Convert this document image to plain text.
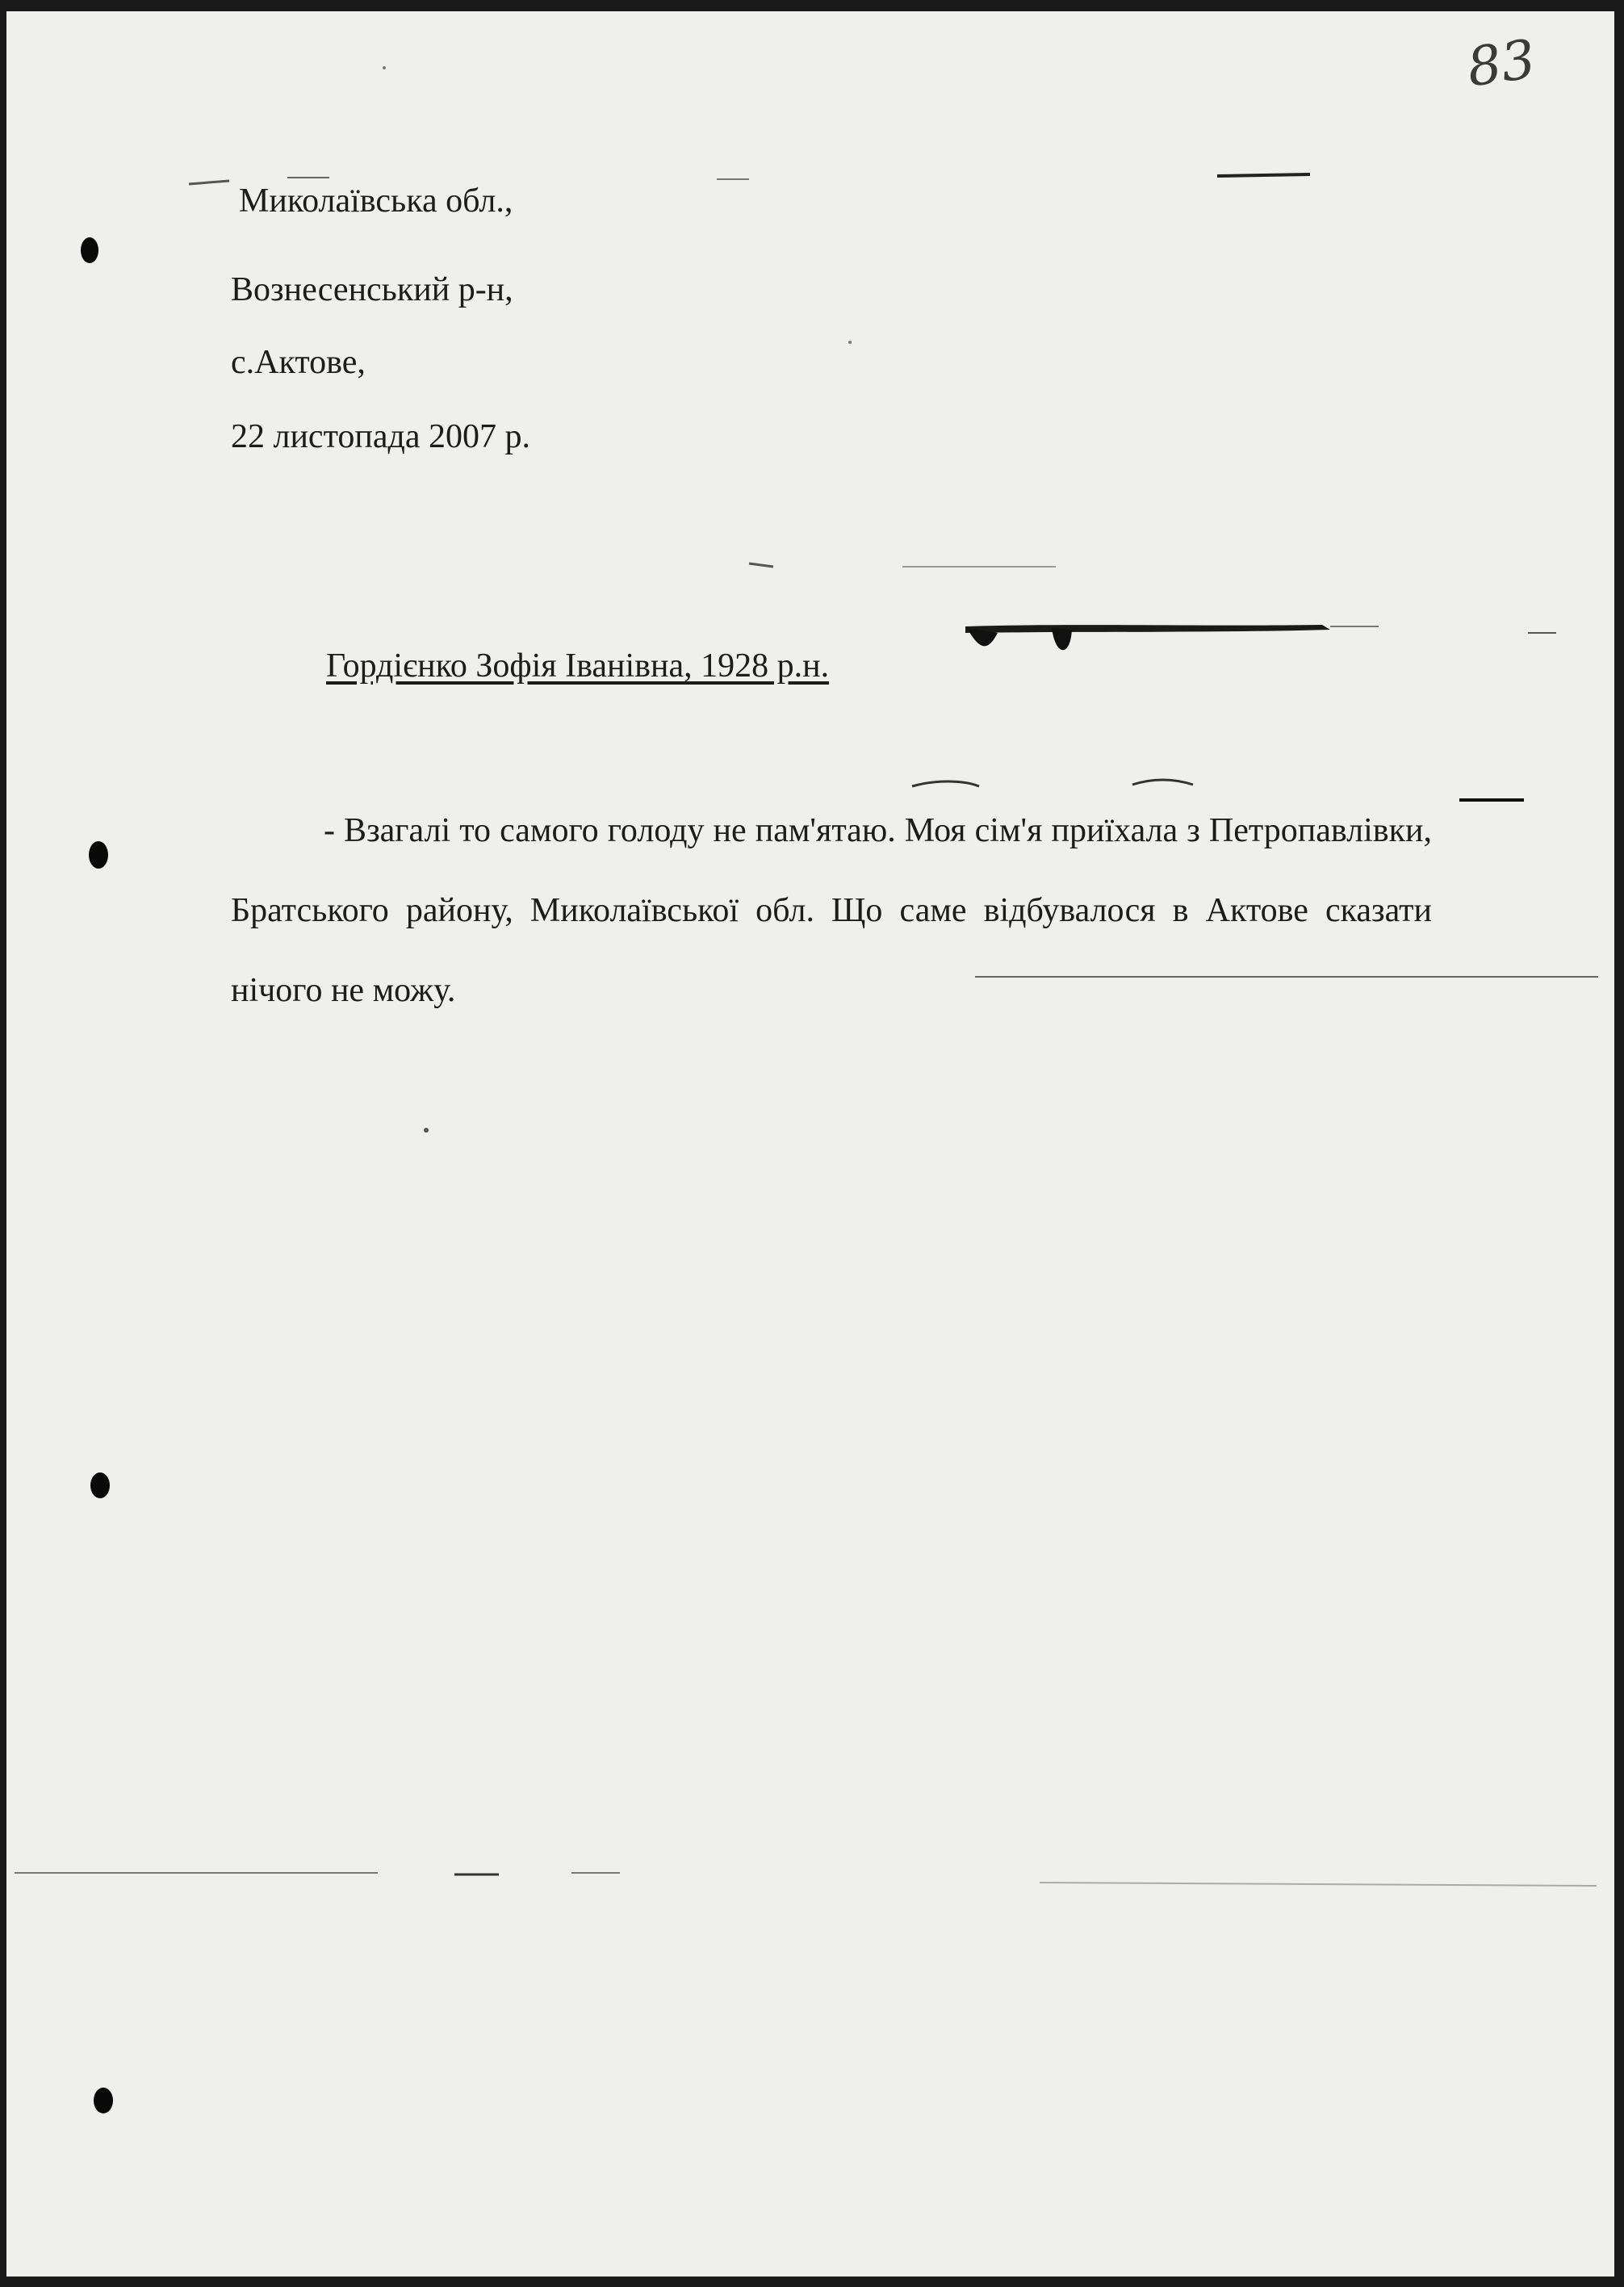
83
Миколаївська обл.,
Вознесенський р-н,
с.Актове,
22 листопада 2007 р.
Гордієнко Зофія Іванівна, 1928 р.н.
- Взагалі то самого голоду не пам'ятаю. Моя сім'я приїхала з Петропавлівки, Братського району, Миколаївської обл. Що саме відбувалося в Актове сказати нічого не можу.
